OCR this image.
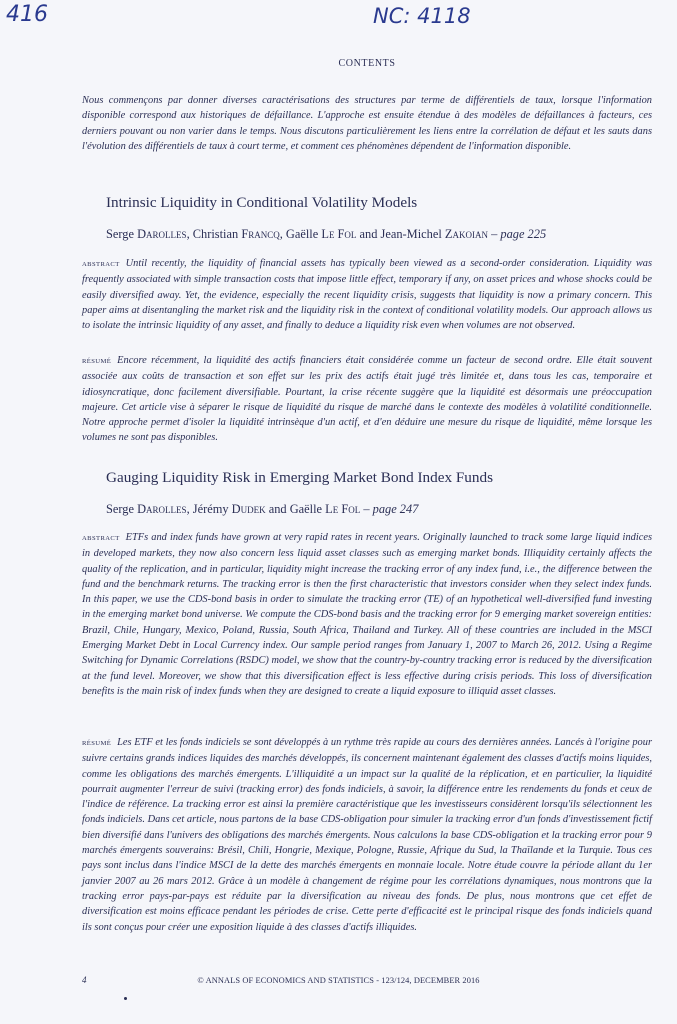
416	NC: 4118
CONTENTS
Nous commençons par donner diverses caractérisations des structures par terme de différentiels de taux, lorsque l'information disponible correspond aux historiques de défaillance. L'approche est ensuite étendue à des modèles de défaillances à facteurs, ces derniers pouvant ou non varier dans le temps. Nous discutons particulièrement les liens entre la corrélation de défaut et les sauts dans l'évolution des différentiels de taux à court terme, et comment ces phénomènes dépendent de l'information disponible.
Intrinsic Liquidity in Conditional Volatility Models
Serge Darolles, Christian Francq, Gaëlle Le Fol and Jean-Michel Zakoian – page 225
ABSTRACT Until recently, the liquidity of financial assets has typically been viewed as a second-order consideration. Liquidity was frequently associated with simple transaction costs that impose little effect, temporary if any, on asset prices and whose shocks could be easily diversified away. Yet, the evidence, especially the recent liquidity crisis, suggests that liquidity is now a primary concern. This paper aims at disentangling the market risk and the liquidity risk in the context of conditional volatility models. Our approach allows us to isolate the intrinsic liquidity of any asset, and finally to deduce a liquidity risk even when volumes are not observed.
RÉSUMÉ Encore récemment, la liquidité des actifs financiers était considérée comme un facteur de second ordre. Elle était souvent associée aux coûts de transaction et son effet sur les prix des actifs était jugé très limitée et, dans tous les cas, temporaire et idiosyncratique, donc facilement diversifiable. Pourtant, la crise récente suggère que la liquidité est désormais une préoccupation majeure. Cet article vise à séparer le risque de liquidité du risque de marché dans le contexte des modèles à volatilité conditionnelle. Notre approche permet d'isoler la liquidité intrinsèque d'un actif, et d'en déduire une mesure du risque de liquidité, même lorsque les volumes ne sont pas disponibles.
Gauging Liquidity Risk in Emerging Market Bond Index Funds
Serge Darolles, Jérémy Dudek and Gaëlle Le Fol – page 247
ABSTRACT ETFs and index funds have grown at very rapid rates in recent years. Originally launched to track some large liquid indices in developed markets, they now also concern less liquid asset classes such as emerging market bonds. Illiquidity certainly affects the quality of the replication, and in particular, liquidity might increase the tracking error of any index fund, i.e., the difference between the fund and the benchmark returns. The tracking error is then the first characteristic that investors consider when they select index funds. In this paper, we use the CDS-bond basis in order to simulate the tracking error (TE) of an hypothetical well-diversified fund investing in the emerging market bond universe. We compute the CDS-bond basis and the tracking error for 9 emerging market sovereign entities: Brazil, Chile, Hungary, Mexico, Poland, Russia, South Africa, Thailand and Turkey. All of these countries are included in the MSCI Emerging Market Debt in Local Currency index. Our sample period ranges from January 1, 2007 to March 26, 2012. Using a Regime Switching for Dynamic Correlations (RSDC) model, we show that the country-by-country tracking error is reduced by the diversification at the fund level. Moreover, we show that this diversification effect is less effective during crisis periods. This loss of diversification benefits is the main risk of index funds when they are designed to create a liquid exposure to illiquid asset classes.
RÉSUMÉ Les ETF et les fonds indiciels se sont développés à un rythme très rapide au cours des dernières années. Lancés à l'origine pour suivre certains grands indices liquides des marchés développés, ils concernent maintenant également des classes d'actifs moins liquides, comme les obligations des marchés émergents. L'illiquidité a un impact sur la qualité de la réplication, et en particulier, la liquidité pourrait augmenter l'erreur de suivi (tracking error) des fonds indiciels, à savoir, la différence entre les rendements du fonds et ceux de l'indice de référence. La tracking error est ainsi la première caractéristique que les investisseurs considèrent lorsqu'ils sélectionnent les fonds indiciels. Dans cet article, nous partons de la base CDS-obligation pour simuler la tracking error d'un fonds d'investissement fictif bien diversifié dans l'univers des obligations des marchés émergents. Nous calculons la base CDS-obligation et la tracking error pour 9 marchés émergents souverains: Brésil, Chili, Hongrie, Mexique, Pologne, Russie, Afrique du Sud, la Thaïlande et la Turquie. Tous ces pays sont inclus dans l'indice MSCI de la dette des marchés émergents en monnaie locale. Notre étude couvre la période allant du 1er janvier 2007 au 26 mars 2012. Grâce à un modèle à changement de régime pour les corrélations dynamiques, nous montrons que la tracking error pays-par-pays est réduite par la diversification au niveau des fonds. De plus, nous montrons que cet effet de diversification est moins efficace pendant les périodes de crise. Cette perte d'efficacité est le principal risque des fonds indiciels quand ils sont conçus pour créer une exposition liquide à des classes d'actifs illiquides.
4	© ANNALS OF ECONOMICS AND STATISTICS - 123/124, DECEMBER 2016
